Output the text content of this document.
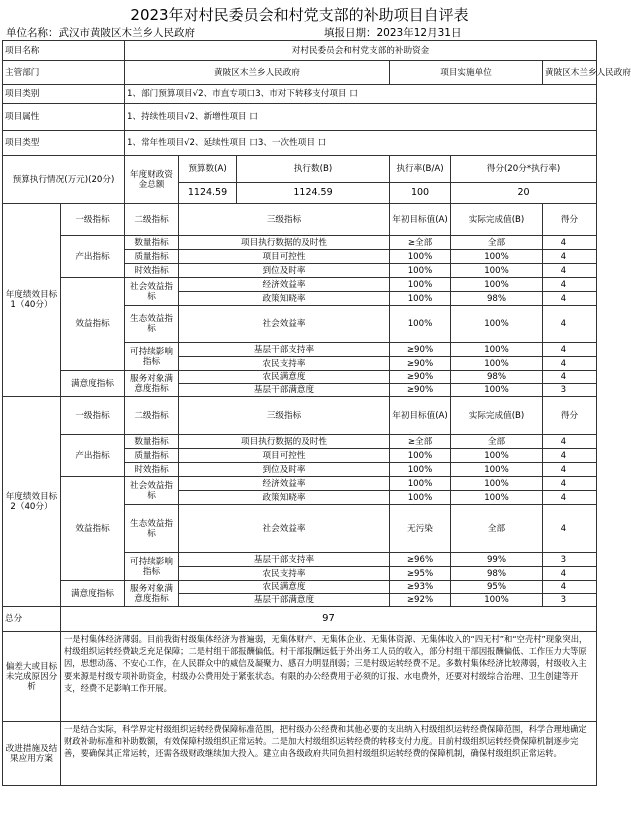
2023年对村民委员会和村党支部的补助项目自评表
单位名称：武汉市黄陂区木兰乡人民政府	填报日期：2023年12月31日
项目名称		对村民委员会和村党支部的补助资金					
主管部门		黄陂区木兰乡人民政府			项目实施单位		黄陂区木兰乡人民政府
项目类别		1、部门预算项目√2、市直专项口3、市对下转移支付项目 口					
项目属性		1、持续性项目√2、新增性项目 口					
项目类型		1、常年性项目√2、延续性项目 口3、一次性项目 口					
预算执行情况(万元)(20分)		年度财政资金总额	预算数(A)	执行数(B)	执行率(B/A)	得分(20分*执行率)	
			1124.59	1124.59	100	20	
年度绩效目标 1（40分）	一级指标	二级指标	三级指标		年初目标值(A)	实际完成值(B)	得分
	产出指标	数量指标	项目执行数据的及时性		≥全部	全部	4
		质量指标	项目可控性		100%	100%	4
		时效指标	到位及时率		100%	100%	4
	效益指标	社会效益指标	经济效益率		100%	100%	4
			政策知晓率		100%	98%	4
		生态效益指标	社会效益率		100%	100%	4
		可持续影响指标	基层干部支持率		≥90%	100%	4
			农民支持率		≥90%	100%	4
	满意度指标	服务对象满意度指标	农民满意度		≥90%	98%	4
			基层干部满意度		≥90%	100%	3
年度绩效目标 2（40分）	一级指标	二级指标	三级指标		年初目标值(A)	实际完成值(B)	得分
	产出指标	数量指标	项目执行数据的及时性		≥全部	全部	4
		质量指标	项目可控性		100%	100%	4
		时效指标	到位及时率		100%	100%	4
	效益指标	社会效益指标	经济效益率		100%	100%	4
			政策知晓率		100%	100%	4
		生态效益指标	社会效益率		无污染	全部	4
		可持续影响指标	基层干部支持率		≥96%	99%	3
			农民支持率		≥95%	98%	4
	满意度指标	服务对象满意度指标	农民满意度		≥93%	95%	4
			基层干部满意度		≥92%	100%	3
总分	97						
偏差大或目标未完成原因分析	一是村集体经济薄弱。目前我街村级集体经济为普遍弱，无集体财产、无集体企业、无集体资源、无集体收入的“四无村”和“空壳村”现象突出，村级组织运转经费缺乏充足保障；二是村组干部报酬偏低。村干部报酬远低于外出务工人员的收入，部分村组干部因报酬偏低、工作压力大等原因，思想动荡、不安心工作，在人民群众中的威信及凝聚力、感召力明显削弱；三是村级运转经费不足。多数村集体经济比较薄弱，村级收入主要来源是村级专项补助资金，村级办公费用处于紧张状态。有限的办公经费用于必须的订报、水电费外，还要对村级综合治理、卫生创建等开支，经费不足影响工作开展。						
改进措施及结果应用方案	一是结合实际，科学界定村级组织运转经费保障标准范围，把村级办公经费和其他必要的支出纳入村级组织运转经费保障范围，科学合理地确定财政补助标准和补助数额，有效保障村级组织正常运转。二是加大村级组织运转经费的转移支付力度。目前村级组织运转经费保障机制逐步完善，要确保其正常运转，还需各级财政继续加大投入。建立由各级政府共同负担村级组织运转经费的保障机制，确保村级组织正常运转。						
